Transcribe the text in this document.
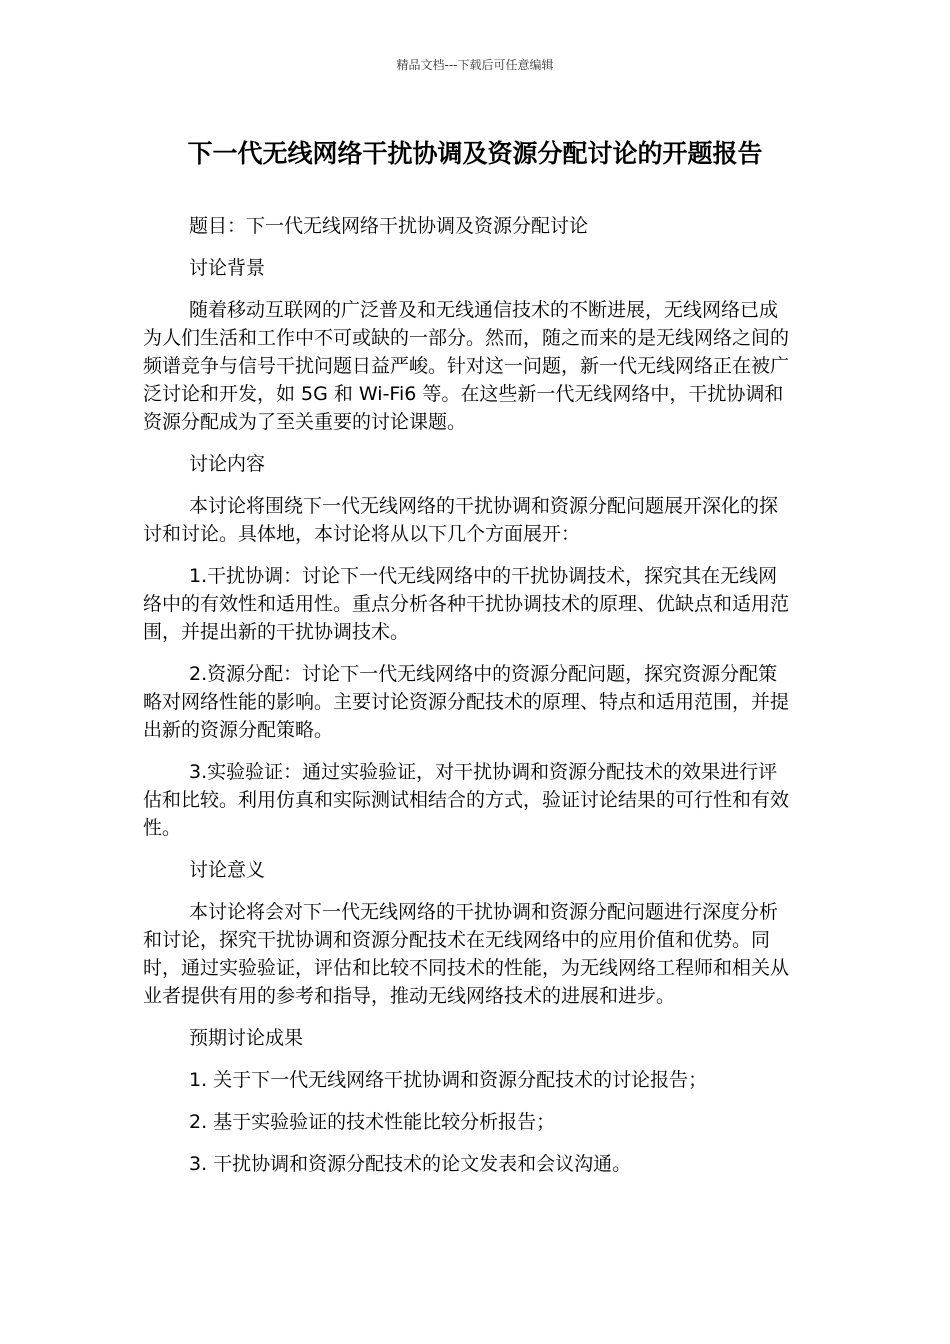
精品文档---下载后可任意编辑
下一代无线网络干扰协调及资源分配讨论的开题报告

题目：下一代无线网络干扰协调及资源分配讨论

讨论背景

随着移动互联网的广泛普及和无线通信技术的不断进展，无线网络已成为人们生活和工作中不可或缺的一部分。然而，随之而来的是无线网络之间的频谱竞争与信号干扰问题日益严峻。针对这一问题，新一代无线网络正在被广泛讨论和开发，如 5G 和 Wi-Fi6 等。在这些新一代无线网络中，干扰协调和资源分配成为了至关重要的讨论课题。

讨论内容

本讨论将围绕下一代无线网络的干扰协调和资源分配问题展开深化的探讨和讨论。具体地，本讨论将从以下几个方面展开：

1.干扰协调：讨论下一代无线网络中的干扰协调技术，探究其在无线网络中的有效性和适用性。重点分析各种干扰协调技术的原理、优缺点和适用范围，并提出新的干扰协调技术。

2.资源分配：讨论下一代无线网络中的资源分配问题，探究资源分配策略对网络性能的影响。主要讨论资源分配技术的原理、特点和适用范围，并提出新的资源分配策略。

3.实验验证：通过实验验证，对干扰协调和资源分配技术的效果进行评估和比较。利用仿真和实际测试相结合的方式，验证讨论结果的可行性和有效性。

讨论意义

本讨论将会对下一代无线网络的干扰协调和资源分配问题进行深度分析和讨论，探究干扰协调和资源分配技术在无线网络中的应用价值和优势。同时，通过实验验证，评估和比较不同技术的性能，为无线网络工程师和相关从业者提供有用的参考和指导，推动无线网络技术的进展和进步。

预期讨论成果

1. 关于下一代无线网络干扰协调和资源分配技术的讨论报告；

2. 基于实验验证的技术性能比较分析报告；

3. 干扰协调和资源分配技术的论文发表和会议沟通。
